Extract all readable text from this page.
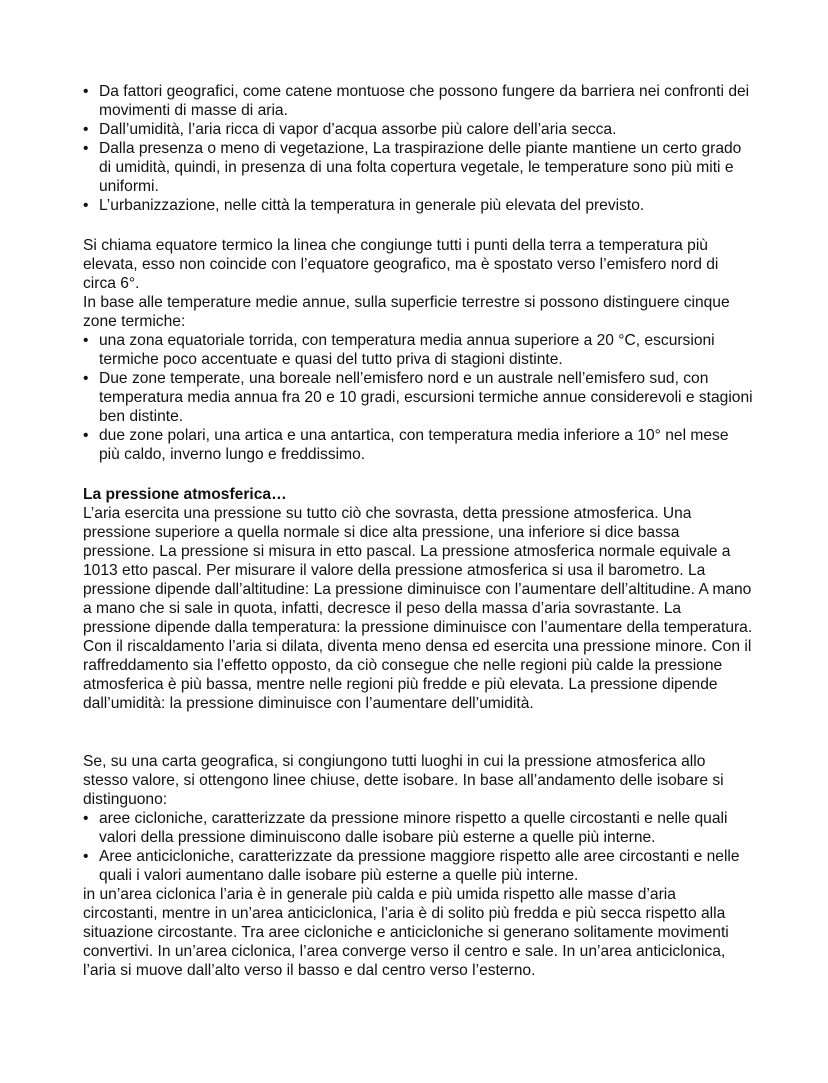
• Da fattori geografici, come catene montuose che possono fungere da barriera nei confronti dei movimenti di masse di aria.
• Dall’umidità, l’aria ricca di vapor d’acqua assorbe più calore dell’aria secca.
• Dalla presenza o meno di vegetazione, La traspirazione delle piante mantiene un certo grado di umidità, quindi, in presenza di una folta copertura vegetale, le temperature sono più miti e uniformi.
• L’urbanizzazione, nelle città la temperatura in generale più elevata del previsto.

Si chiama equatore termico la linea che congiunge tutti i punti della terra a temperatura più elevata, esso non coincide con l’equatore geografico, ma è spostato verso l’emisfero nord di circa 6°.

In base alle temperature medie annue, sulla superficie terrestre si possono distinguere cinque zone termiche:

• una zona equatoriale torrida, con temperatura media annua superiore a 20 °C, escursioni termiche poco accentuate e quasi del tutto priva di stagioni distinte.
• Due zone temperate, una boreale nell’emisfero nord e un australe nell’emisfero sud, con temperatura media annua fra 20 e 10 gradi, escursioni termiche annue considerevoli e stagioni ben distinte.
• due zone polari, una artica e una antartica, con temperatura media inferiore a 10° nel mese più caldo, inverno lungo e freddissimo.

La pressione atmosferica…

L’aria esercita una pressione su tutto ciò che sovrasta, detta pressione atmosferica. Una pressione superiore a quella normale si dice alta pressione, una inferiore si dice bassa pressione. La pressione si misura in etto pascal. La pressione atmosferica normale equivale a 1013 etto pascal. Per misurare il valore della pressione atmosferica si usa il barometro. La pressione dipende dall’altitudine: La pressione diminuisce con l’aumentare dell’altitudine. A mano a mano che si sale in quota, infatti, decresce il peso della massa d’aria sovrastante. La pressione dipende dalla temperatura: la pressione diminuisce con l’aumentare della temperatura. Con il riscaldamento l’aria si dilata, diventa meno densa ed esercita una pressione minore. Con il raffreddamento sia l’effetto opposto, da ciò consegue che nelle regioni più calde la pressione atmosferica è più bassa, mentre nelle regioni più fredde e più elevata. La pressione dipende dall’umidità: la pressione diminuisce con l’aumentare dell’umidità.

Se, su una carta geografica, si congiungono tutti luoghi in cui la pressione atmosferica allo stesso valore, si ottengono linee chiuse, dette isobare. In base all’andamento delle isobare si distinguono:

• aree cicloniche, caratterizzate da pressione minore rispetto a quelle circostanti e nelle quali valori della pressione diminuiscono dalle isobare più esterne a quelle più interne.
• Aree anticicloniche, caratterizzate da pressione maggiore rispetto alle aree circostanti e nelle quali i valori aumentano dalle isobare più esterne a quelle più interne.

in un’area ciclonica l’aria è in generale più calda e più umida rispetto alle masse d’aria circostanti, mentre in un’area anticiclonica, l’aria è di solito più fredda e più secca rispetto alla situazione circostante. Tra aree cicloniche e anticicloniche si generano solitamente movimenti convertivi. In un’area ciclonica, l’area converge verso il centro e sale. In un’area anticiclonica, l’aria si muove dall’alto verso il basso e dal centro verso l’esterno.
